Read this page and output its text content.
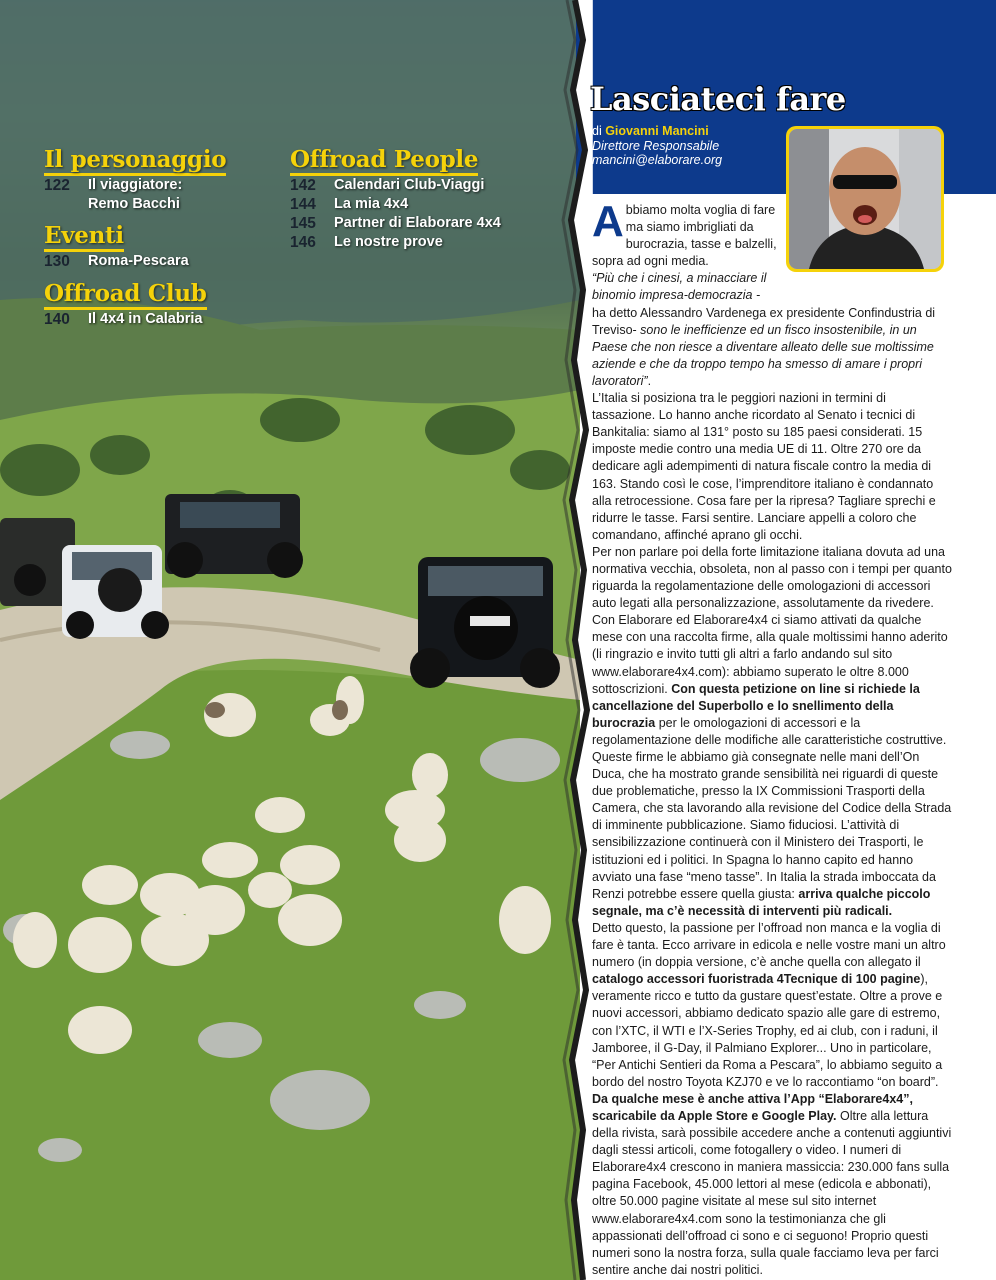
Il personaggio
122	Il viaggiatore:
Remo Bacchi
Eventi
130	Roma-Pescara
Offroad Club
140	Il 4x4 in Calabria
Offroad People
142	Calendari Club-Viaggi
144	La mia 4x4
145	Partner di Elaborare 4x4
146	Le nostre prove
Lasciateci fare
di Giovanni Mancini
Direttore Responsabile
mancini@elaborare.org

Abbiamo molta voglia di fare ma siamo imbrigliati da burocrazia, tasse e balzelli, sopra ad ogni media.

“Più che i cinesi, a minacciare il binomio impresa-democrazia -

ha detto Alessandro Vardenega ex presidente Confindustria di Treviso- sono le inefficienze ed un fisco insostenibile, in un Paese che non riesce a diventare alleato delle sue moltissime aziende e che da troppo tempo ha smesso di amare i propri lavoratori”.

L’Italia si posiziona tra le peggiori nazioni in termini di tassazione. Lo hanno anche ricordato al Senato i tecnici di Bankitalia: siamo al 131° posto su 185 paesi considerati. 15 imposte medie contro una media UE di 11. Oltre 270 ore da dedicare agli adempimenti di natura fiscale contro la media di 163. Stando così le cose, l’imprenditore italiano è condannato alla retrocessione. Cosa fare per la ripresa? Tagliare sprechi e ridurre le tasse. Farsi sentire. Lanciare appelli a coloro che comandano, affinché aprano gli occhi.

Per non parlare poi della forte limitazione italiana dovuta ad una normativa vecchia, obsoleta, non al passo con i tempi per quanto riguarda la regolamentazione delle omologazioni di accessori auto legati alla personalizzazione, assolutamente da rivedere. Con Elaborare ed Elaborare4x4 ci siamo attivati da qualche mese con una raccolta firme, alla quale moltissimi hanno aderito (li ringrazio e invito tutti gli altri a farlo andando sul sito www.elaborare4x4.com): abbiamo superato le oltre 8.000 sottoscrizioni. Con questa petizione on line si richiede la cancellazione del Superbollo e lo snellimento della burocrazia per le omologazioni di accessori e la regolamentazione delle modifiche alle caratteristiche costruttive. Queste firme le abbiamo già consegnate nelle mani dell’On Duca, che ha mostrato grande sensibilità nei riguardi di queste due problematiche, presso la IX Commissioni Trasporti della Camera, che sta lavorando alla revisione del Codice della Strada di imminente pubblicazione. Siamo fiduciosi. L’attività di sensibilizzazione continuerà con il Ministero dei Trasporti, le istituzioni ed i politici. In Spagna lo hanno capito ed hanno avviato una fase “meno tasse”. In Italia la strada imboccata da Renzi potrebbe essere quella giusta: arriva qualche piccolo segnale, ma c’è necessità di interventi più radicali.

Detto questo, la passione per l’offroad non manca e la voglia di fare è tanta. Ecco arrivare in edicola e nelle vostre mani un altro numero (in doppia versione, c’è anche quella con allegato il catalogo accessori fuoristrada 4Tecnique di 100 pagine), veramente ricco e tutto da gustare quest’estate. Oltre a prove e nuovi accessori, abbiamo dedicato spazio alle gare di estremo, con l’XTC, il WTI e l’X-Series Trophy, ed ai club, con i raduni, il Jamboree, il G-Day, il Palmiano Explorer... Uno in particolare, “Per Antichi Sentieri da Roma a Pescara”, lo abbiamo seguito a bordo del nostro Toyota KZJ70 e ve lo raccontiamo “on board”. Da qualche mese è anche attiva l’App “Elaborare4x4”, scaricabile da Apple Store e Google Play. Oltre alla lettura della rivista, sarà possibile accedere anche a contenuti aggiuntivi dagli stessi articoli, come fotogallery o video. I numeri di Elaborare4x4 crescono in maniera massiccia: 230.000 fans sulla pagina Facebook, 45.000 lettori al mese (edicola e abbonati), oltre 50.000 pagine visitate al mese sul sito internet www.elaborare4x4.com sono la testimonianza che gli appassionati dell’offroad ci sono e ci seguono! Proprio questi numeri sono la nostra forza, sulla quale facciamo leva per farci sentire anche dai nostri politici.
